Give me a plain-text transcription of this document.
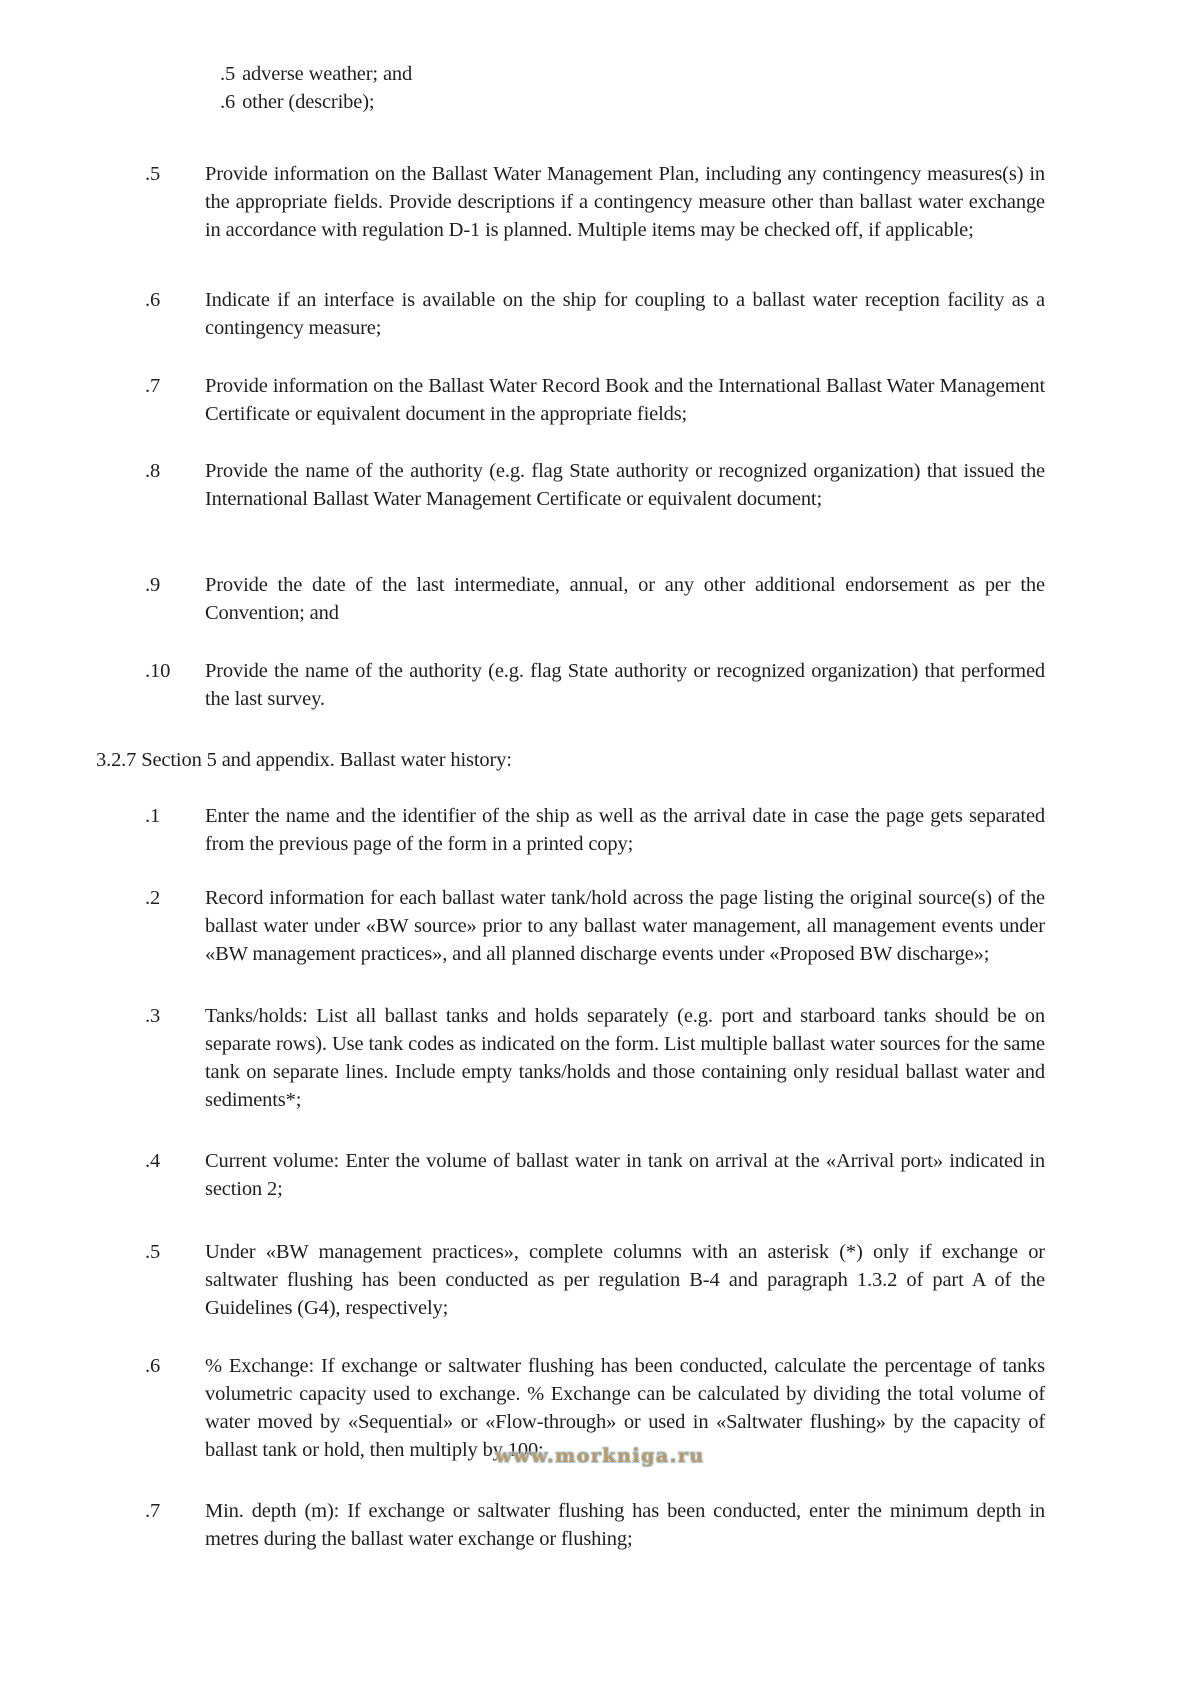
.5 adverse weather; and
.6 other (describe);
.5	Provide information on the Ballast Water Management Plan, including any contingency measures(s) in the appropriate fields. Provide descriptions if a contingency measure other than ballast water exchange in accordance with regulation D-1 is planned. Multiple items may be checked off, if applicable;

.6	Indicate if an interface is available on the ship for coupling to a ballast water reception facility as a contingency measure;

.7	Provide information on the Ballast Water Record Book and the International Ballast Water Management Certificate or equivalent document in the appropriate fields;

.8	Provide the name of the authority (e.g. flag State authority or recognized organization) that issued the International Ballast Water Management Certificate or equivalent document;

.9	Provide the date of the last intermediate, annual, or any other additional endorsement as per the Convention; and

.10	Provide the name of the authority (e.g. flag State authority or recognized organization) that performed the last survey.

3.2.7 Section 5 and appendix. Ballast water history:
.1	Enter the name and the identifier of the ship as well as the arrival date in case the page gets separated from the previous page of the form in a printed copy;

.2	Record information for each ballast water tank/hold across the page listing the original source(s) of the ballast water under «BW source» prior to any ballast water management, all management events under «BW management practices», and all planned discharge events under «Proposed BW discharge»;

.3	Tanks/holds: List all ballast tanks and holds separately (e.g. port and starboard tanks should be on separate rows). Use tank codes as indicated on the form. List multiple ballast water sources for the same tank on separate lines. Include empty tanks/holds and those containing only residual ballast water and sediments*;

.4	Current volume: Enter the volume of ballast water in tank on arrival at the «Arrival port» indicated in section 2;

.5	Under «BW management practices», complete columns with an asterisk (*) only if exchange or saltwater flushing has been conducted as per regulation B-4 and paragraph 1.3.2 of part A of the Guidelines (G4), respectively;

.6	% Exchange: If exchange or saltwater flushing has been conducted, calculate the percentage of tanks volumetric capacity used to exchange. % Exchange can be calculated by dividing the total volume of water moved by «Sequential» or «Flow-through» or used in «Saltwater flushing» by the capacity of ballast tank or hold, then multiply by 100;

.7	Min. depth (m): If exchange or saltwater flushing has been conducted, enter the minimum depth in metres during the ballast water exchange or flushing;

www.morkniga.ru
